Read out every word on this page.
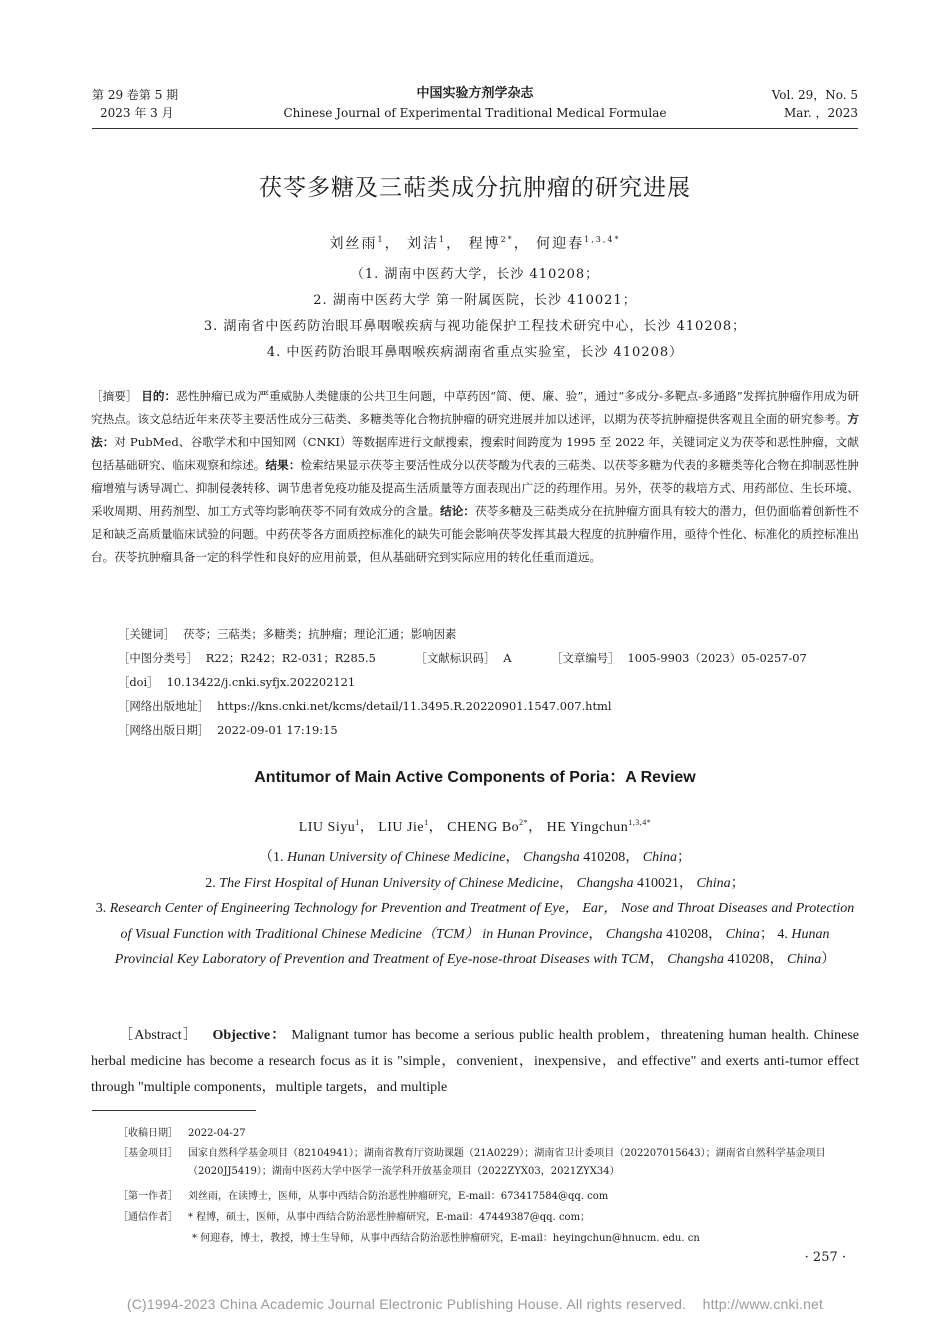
第 29 卷第 5 期
2023 年 3 月
中国实验方剂学杂志
Chinese Journal of Experimental Traditional Medical Formulae
Vol. 29，No. 5
Mar. ，2023
茯苓多糖及三萜类成分抗肿瘤的研究进展
刘丝雨$^1$， 刘洁$^1$， 程博$^{2*}$， 何迎春$^{1,3,4*}$
（1. 湖南中医药大学，长沙 410208；
2. 湖南中医药大学 第一附属医院，长沙 410021；
3. 湖南省中医药防治眼耳鼻咽喉疾病与视功能保护工程技术研究中心，长沙 410208；
4. 中医药防治眼耳鼻咽喉疾病湖南省重点实验室，长沙 410208）
［摘要］ 目的：恶性肿瘤已成为严重威胁人类健康的公共卫生问题，中草药因“简、便、廉、验”，通过“多成分-多靶点-多通路”发挥抗肿瘤作用成为研究热点。该文总结近年来茯苓主要活性成分三萜类、多糖类等化合物抗肿瘤的研究进展并加以述评，以期为茯苓抗肿瘤提供客观且全面的研究参考。方法：对 PubMed、谷歌学术和中国知网（CNKI）等数据库进行文献搜索，搜索时间跨度为 1995 至 2022 年，关键词定义为茯苓和恶性肿瘤，文献包括基础研究、临床观察和综述。结果：检索结果显示茯苓主要活性成分以茯苓酸为代表的三萜类、以茯苓多糖为代表的多糖类等化合物在抑制恶性肿瘤增殖与诱导凋亡、抑制侵袭转移、调节患者免疫功能及提高生活质量等方面表现出广泛的药理作用。另外，茯苓的栽培方式、用药部位、生长环境、采收周期、用药剂型、加工方式等均影响茯苓不同有效成分的含量。结论：茯苓多糖及三萜类成分在抗肿瘤方面具有较大的潜力，但仍面临着创新性不足和缺乏高质量临床试验的问题。中药茯苓各方面质控标准化的缺失可能会影响茯苓发挥其最大程度的抗肿瘤作用，亟待个性化、标准化的质控标准出台。茯苓抗肿瘤具备一定的科学性和良好的应用前景，但从基础研究到实际应用的转化任重而道远。
［关键词］ 茯苓；三萜类；多糖类；抗肿瘤；理论汇通；影响因素
［中图分类号］ R22；R242；R2-031；R285.5	［文献标识码］ A	［文章编号］ 1005-9903（2023）05-0257-07
［doi］ 10.13422/j.cnki.syfjx.202202121
［网络出版地址］ https://kns.cnki.net/kcms/detail/11.3495.R.20220901.1547.007.html
［网络出版日期］ 2022-09-01 17:19:15
Antitumor of Main Active Components of Poria：A Review
LIU Siyu$^1$， LIU Jie$^1$， CHENG $Bo^{2*}$， HE Yingchun$^{1,3,4*}$
（1. Hunan University of Chinese Medicine， Changsha 410208， China；
2. The First Hospital of Hunan University of Chinese Medicine， Changsha 410021， China；
3. Research Center of Engineering Technology for Prevention and Treatment of Eye， Ear， Nose and Throat Diseases and Protection of Visual Function with Traditional Chinese Medicine（TCM） in Hunan Province， Changsha 410208， China； 4. Hunan Provincial Key Laboratory of Prevention and Treatment of Eye-nose-throat Diseases with TCM， Changsha 410208， China）
［Abstract］ Objective： Malignant tumor has become a serious public health problem，threatening human health. Chinese herbal medicine has become a research focus as it is "simple，convenient，inexpensive，and effective" and exerts anti-tumor effect through "multiple components，multiple targets，and multiple
［收稿日期］ 2022-04-27
［基金项目］	国家自然科学基金项目（82104941）；湖南省教育厅资助课题（21A0229）；湖南省卫计委项目（202207015643）；湖南省自然科学基金项目（2020JJ5419）；湖南中医药大学中医学一流学科开放基金项目（2022ZYX03，2021ZYX34）
［第一作者］ 刘丝雨，在读博士，医师，从事中西结合防治恶性肿瘤研究，E-mail：673417584@qq. com
［通信作者］ * 程博，硕士，医师，从事中西结合防治恶性肿瘤研究，E-mail：47449387@qq. com；
* 何迎春，博士，教授，博士生导师，从事中西结合防治恶性肿瘤研究，E-mail：heyingchun@hnucm. edu. cn
· 257 ·
(C)1994-2023 China Academic Journal Electronic Publishing House. All rights reserved.    http://www.cnki.net
